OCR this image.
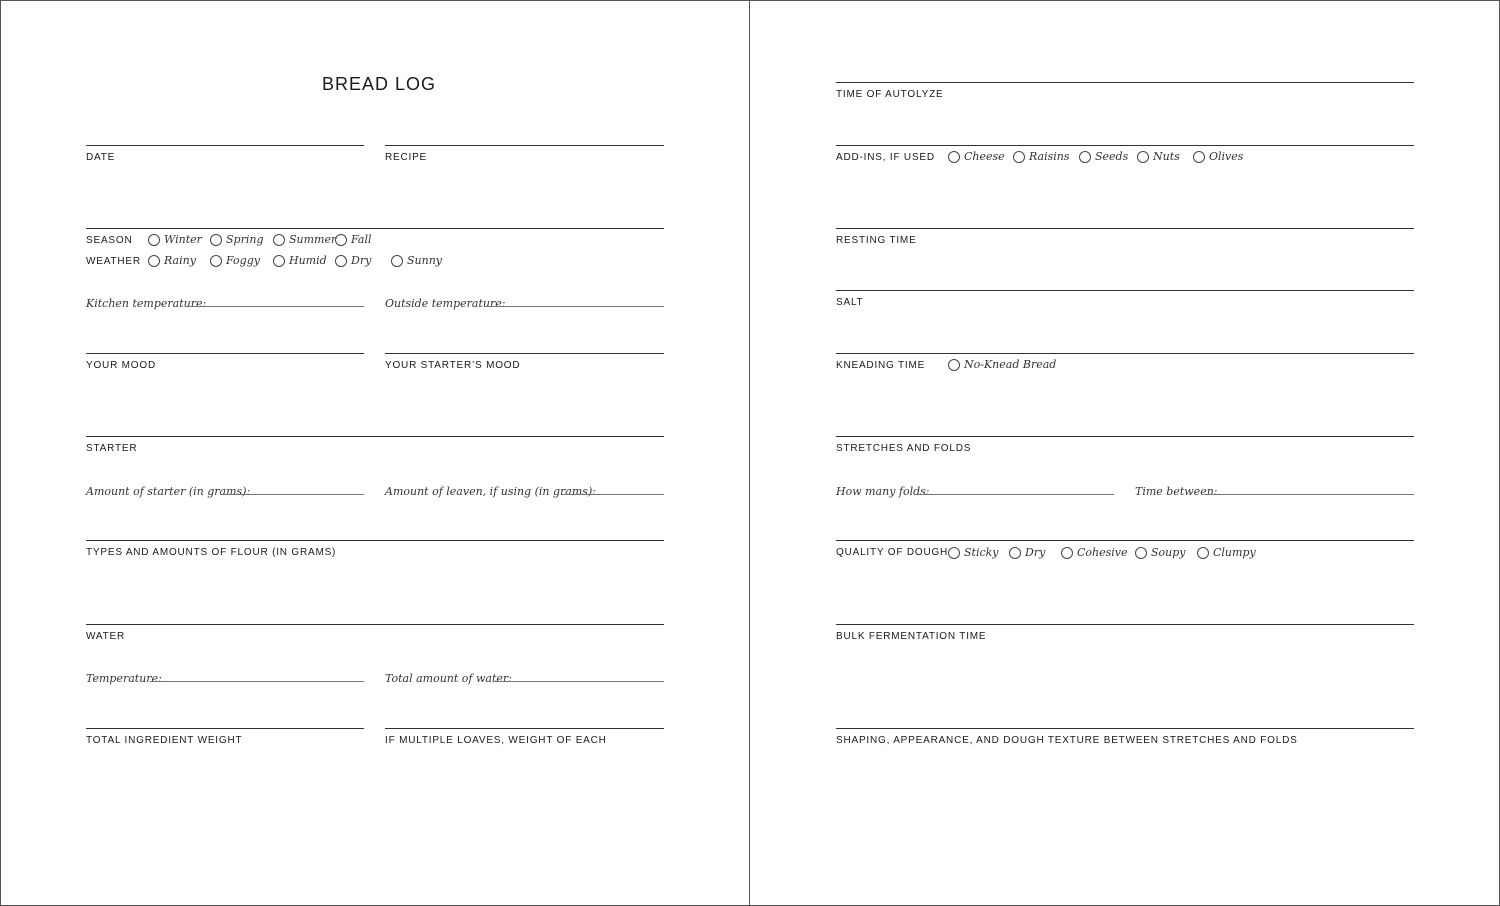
BREAD LOG
DATE	RECIPE
SEASON	Winter Spring Summer Fall
WEATHER Rainy	Foggy	Humid Dry	Sunny
Kitchen temperature:	Outside temperature:
YOUR MOOD	YOUR STARTER’S MOOD
STARTER
Amount of starter (in grams):	Amount of leaven, if using (in grams):
TYPES AND AMOUNTS OF FLOUR (IN GRAMS)
WATER
Temperature:	Total amount of water:
TOTAL INGREDIENT WEIGHT	IF MULTIPLE LOAVES, WEIGHT OF EACH
TIME OF AUTOLYZE
ADD-INS, IF USED	Cheese Raisins Seeds Nuts	Olives
RESTING TIME
SALT
KNEADING TIME	No-Knead Bread
STRETCHES AND FOLDS
How many folds:	Time between:
QUALITY OF DOUGH Sticky Dry	Cohesive Soupy	Clumpy
BULK FERMENTATION TIME
SHAPING, APPEARANCE, AND DOUGH TEXTURE BETWEEN STRETCHES AND FOLDS
